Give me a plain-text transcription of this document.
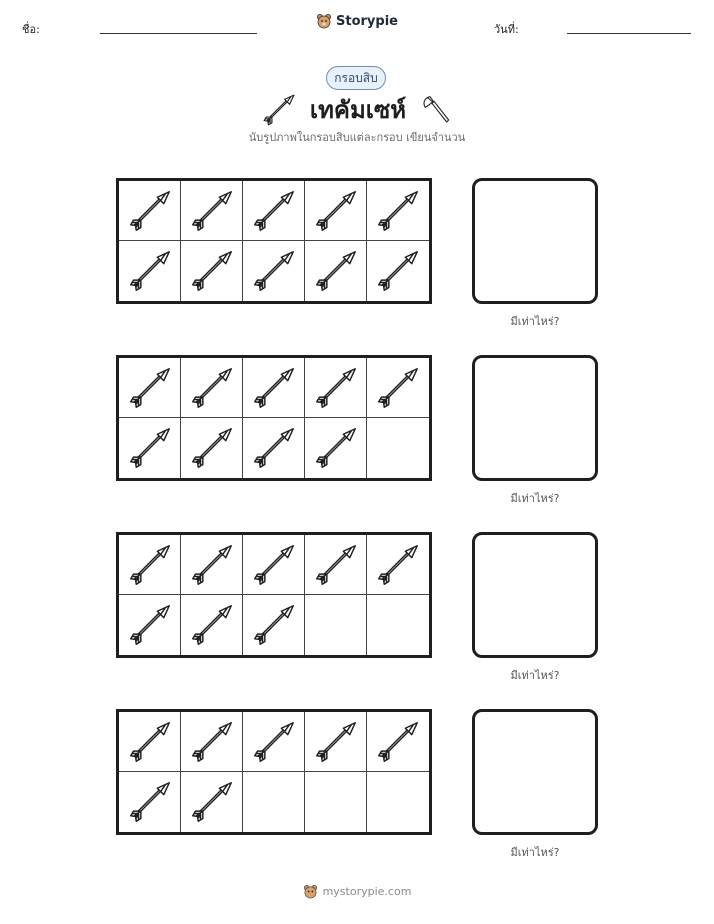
ชื่อ:
Storypie
วันที่:
กรอบสิบ
เทคัมเซห์
นับรูปภาพในกรอบสิบแต่ละกรอบ เขียนจำนวน
มีเท่าไหร่?
มีเท่าไหร่?
มีเท่าไหร่?
มีเท่าไหร่?
mystorypie.com
